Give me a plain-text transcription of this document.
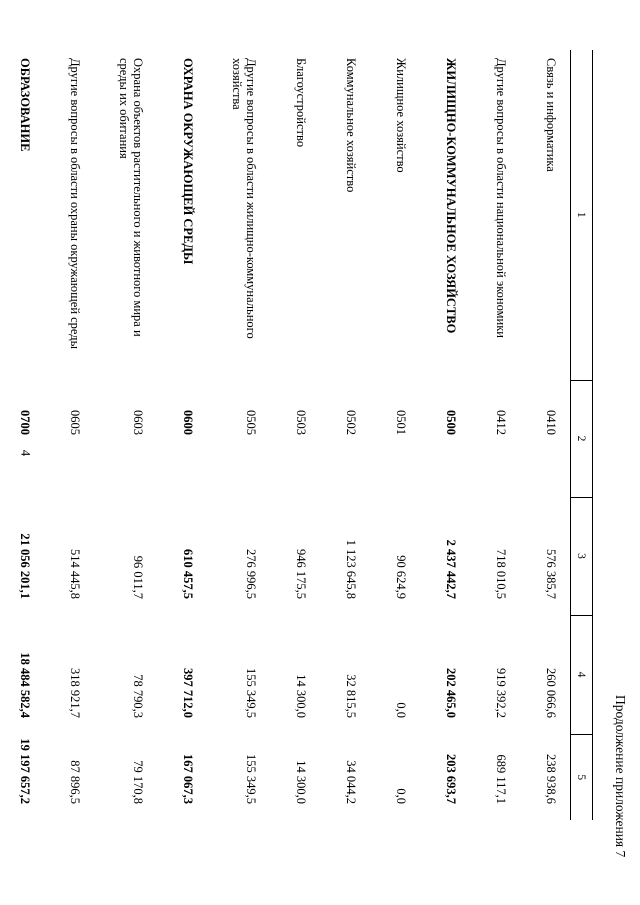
4
Продолжение приложения 7
1	2	3	4	5
Связь и информатика	0410	576 385,7	260 066,6	238 938,6
Другие вопросы в области национальной экономики	0412	718 010,5	919 392,2	689 117,1
ЖИЛИЩНО-КОММУНАЛЬНОЕ ХОЗЯЙСТВО	0500	2 437 442,7	202 465,0	203 693,7
Жилищное хозяйство	0501	90 624,9	0,0	0,0
Коммунальное хозяйство	0502	1 123 645,8	32 815,5	34 044,2
Благоустройство	0503	946 175,5	14 300,0	14 300,0
Другие вопросы в области жилищно-коммунального хозяйства	0505	276 996,5	155 349,5	155 349,5
ОХРАНА ОКРУЖАЮЩЕЙ СРЕДЫ	0600	610 457,5	397 712,0	167 067,3
Охрана объектов растительного и животного мира и среды их обитания	0603	96 011,7	78 790,3	79 170,8
Другие вопросы в области охраны окружающей среды	0605	514 445,8	318 921,7	87 896,5
ОБРАЗОВАНИЕ	0700	21 056 201,1	18 484 582,4	19 197 657,2
